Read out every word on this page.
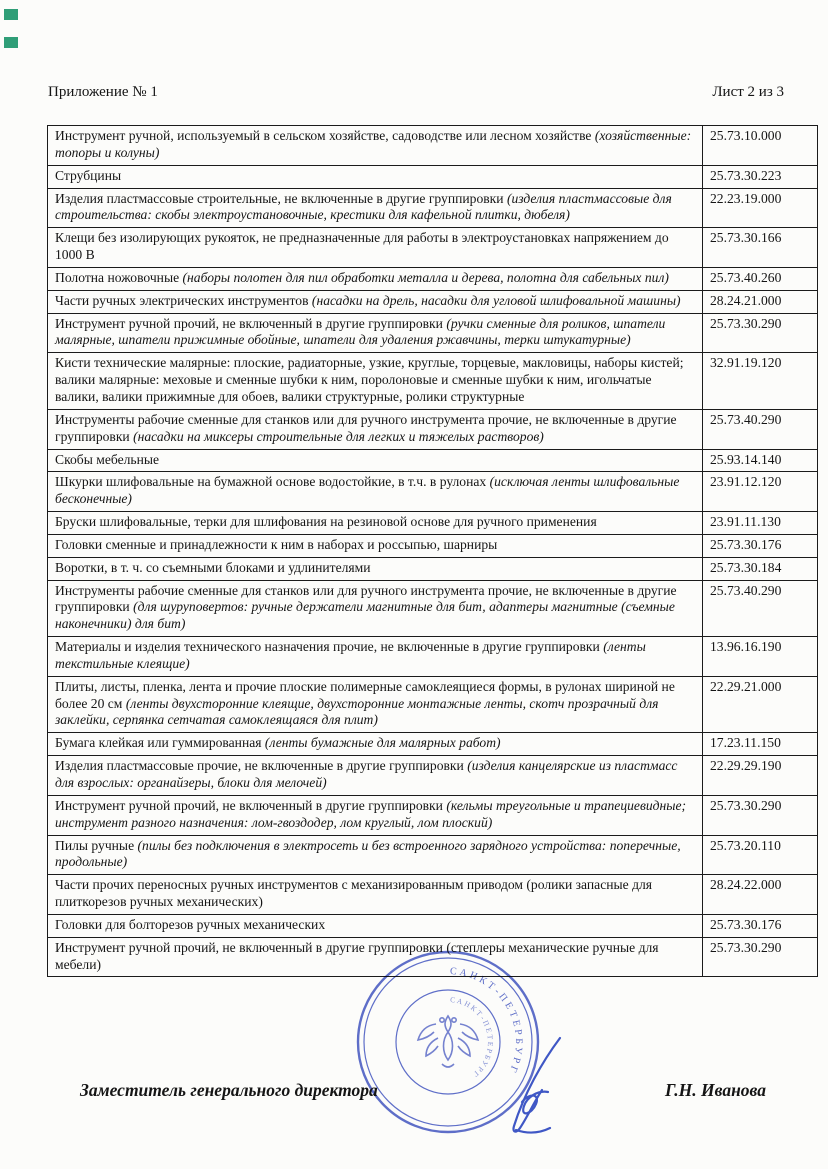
Приложение № 1	Лист 2 из 3
Инструмент ручной, используемый в сельском хозяйстве, садоводстве или лесном хозяйстве (хозяйственные: топоры и колуны)	25.73.10.000
Струбцины	25.73.30.223
Изделия пластмассовые строительные, не включенные в другие группировки (изделия пластмассовые для строительства: скобы электроустановочные, крестики для кафельной плитки, дюбеля)	22.23.19.000
Клещи без изолирующих рукояток, не предназначенные для работы в электроустановках напряжением до 1000 В	25.73.30.166
Полотна ножовочные (наборы полотен для пил обработки металла и дерева, полотна для сабельных пил)	25.73.40.260
Части ручных электрических инструментов (насадки на дрель, насадки для угловой шлифовальной машины)	28.24.21.000
Инструмент ручной прочий, не включенный в другие группировки (ручки сменные для роликов, шпатели малярные, шпатели прижимные обойные, шпатели для удаления ржавчины, терки штукатурные)	25.73.30.290
Кисти технические малярные: плоские, радиаторные, узкие, круглые, торцевые, макловицы, наборы кистей; валики малярные: меховые и сменные шубки к ним, поролоновые и сменные шубки к ним, игольчатые валики, валики прижимные для обоев, валики структурные, ролики структурные	32.91.19.120
Инструменты рабочие сменные для станков или для ручного инструмента прочие, не включенные в другие группировки (насадки на миксеры строительные для легких и тяжелых растворов)	25.73.40.290
Скобы мебельные	25.93.14.140
Шкурки шлифовальные на бумажной основе водостойкие, в т.ч. в рулонах (исключая ленты шлифовальные бесконечные)	23.91.12.120
Бруски шлифовальные, терки для шлифования на резиновой основе для ручного применения	23.91.11.130
Головки сменные и принадлежности к ним в наборах и россыпью, шарниры	25.73.30.176
Воротки, в т. ч. со съемными блоками и удлинителями	25.73.30.184
Инструменты рабочие сменные для станков или для ручного инструмента прочие, не включенные в другие группировки (для шуруповертов: ручные держатели магнитные для бит, адаптеры магнитные (съемные наконечники) для бит)	25.73.40.290
Материалы и изделия технического назначения прочие, не включенные в другие группировки (ленты текстильные клеящие)	13.96.16.190
Плиты, листы, пленка, лента и прочие плоские полимерные самоклеящиеся формы, в рулонах шириной не более 20 см (ленты двухсторонние клеящие, двухсторонние монтажные ленты, скотч прозрачный для заклейки, серпянка сетчатая самоклеящаяся для плит)	22.29.21.000
Бумага клейкая или гуммированная (ленты бумажные для малярных работ)	17.23.11.150
Изделия пластмассовые прочие, не включенные в другие группировки (изделия канцелярские из пластмасс для взрослых: органайзеры, блоки для мелочей)	22.29.29.190
Инструмент ручной прочий, не включенный в другие группировки (кельмы треугольные и трапециевидные; инструмент разного назначения: лом-гвоздодер, лом круглый, лом плоский)	25.73.30.290
Пилы ручные (пилы без подключения в электросеть и без встроенного зарядного устройства: поперечные, продольные)	25.73.20.110
Части прочих переносных ручных инструментов с механизированным приводом (ролики запасные для плиткорезов ручных механических)	28.24.22.000
Головки для болторезов ручных механических	25.73.30.176
Инструмент ручной прочий, не включенный в другие группировки (степлеры механические ручные для мебели)	25.73.30.290
САНКТ-ПЕТЕРБУРГ
САНКТ-ПЕТЕРБУРГ
Заместитель генерального директора	Г.Н. Иванова
